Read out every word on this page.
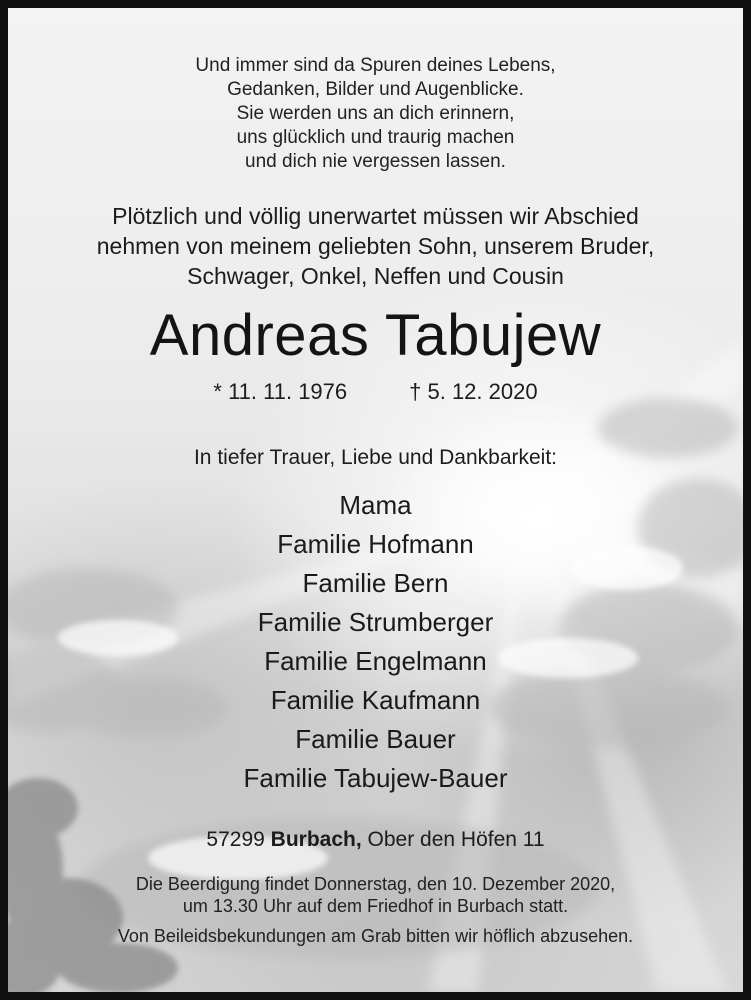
Und immer sind da Spuren deines Lebens,
Gedanken, Bilder und Augenblicke.
Sie werden uns an dich erinnern,
uns glücklich und traurig machen
und dich nie vergessen lassen.
Plötzlich und völlig unerwartet müssen wir Abschied
nehmen von meinem geliebten Sohn, unserem Bruder,
Schwager, Onkel, Neffen und Cousin
Andreas Tabujew
* 11. 11. 1976	† 5. 12. 2020
In tiefer Trauer, Liebe und Dankbarkeit:
Mama
Familie Hofmann
Familie Bern
Familie Strumberger
Familie Engelmann
Familie Kaufmann
Familie Bauer
Familie Tabujew-Bauer
57299 Burbach, Ober den Höfen 11
Die Beerdigung findet Donnerstag, den 10. Dezember 2020,
um 13.30 Uhr auf dem Friedhof in Burbach statt.
Von Beileidsbekundungen am Grab bitten wir höflich abzusehen.
